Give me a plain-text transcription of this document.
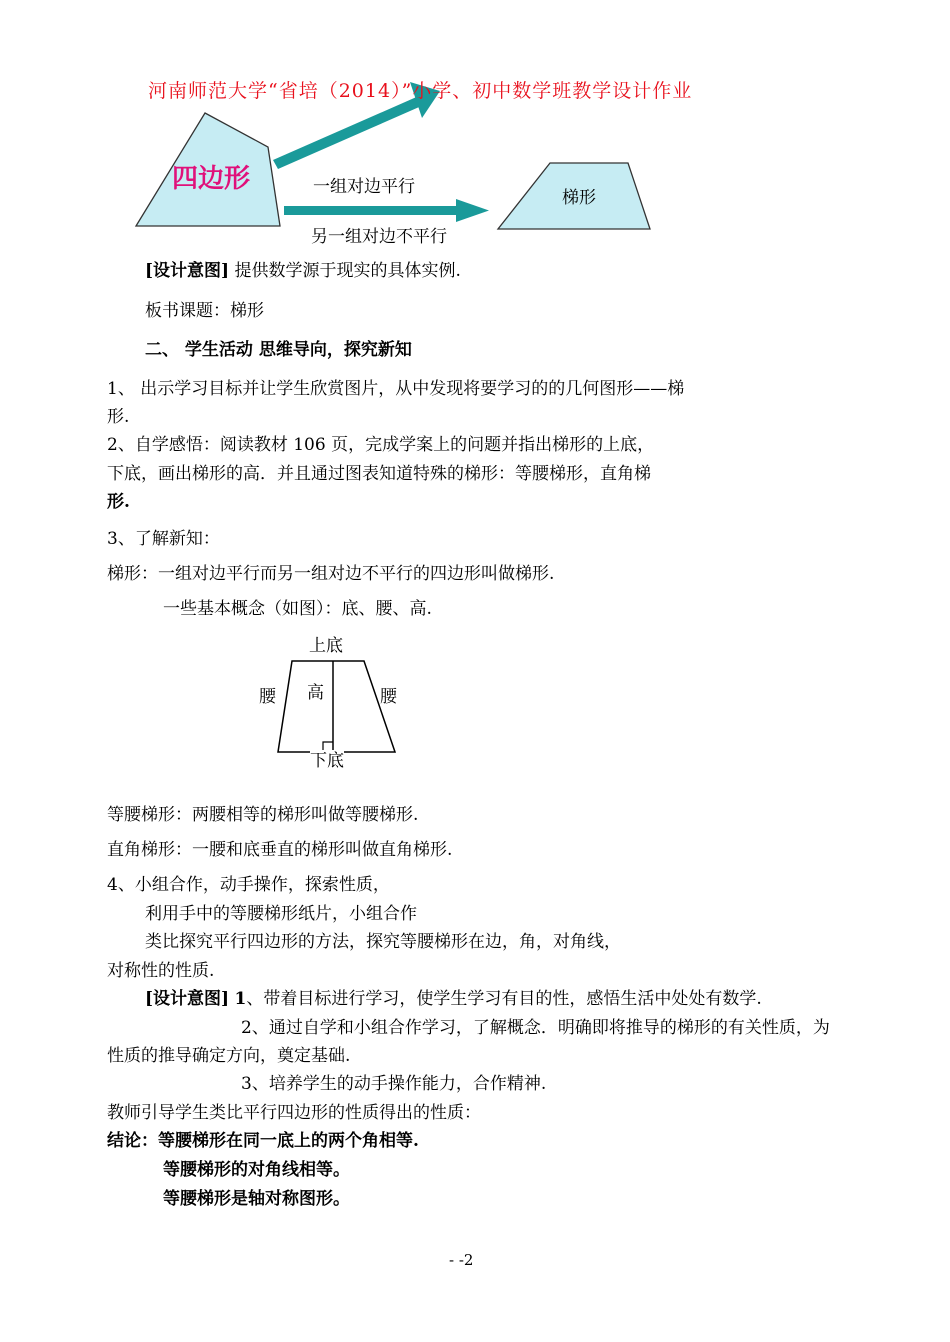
河南师范大学“省培（2014）”小学、初中数学班教学设计作业
四边形	一组对边平行
另一组对边不平行
梯形
[设计意图] 提供数学源于现实的具体实例.
板书课题：梯形
二、 学生活动 思维导向，探究新知
1、 出示学习目标并让学生欣赏图片，从中发现将要学习的的几何图形——梯
形.
2、自学感悟：阅读教材 106 页，完成学案上的问题并指出梯形的上底，
下底，画出梯形的高．并且通过图表知道特殊的梯形：等腰梯形，直角梯
形.
3、了解新知：
梯形：一组对边平行而另一组对边不平行的四边形叫做梯形.
一些基本概念（如图）：底、腰、高.
上底
高
腰	腰
下底
等腰梯形：两腰相等的梯形叫做等腰梯形.
直角梯形：一腰和底垂直的梯形叫做直角梯形.
4、小组合作，动手操作，探索性质，
利用手中的等腰梯形纸片，小组合作
类比探究平行四边形的方法，探究等腰梯形在边，角，对角线，
对称性的性质.
[设计意图] 1、带着目标进行学习，使学生学习有目的性，感悟生活中处处有数学.
2、通过自学和小组合作学习，了解概念．明确即将推导的梯形的有关性质，为
性质的推导确定方向，奠定基础.
3、培养学生的动手操作能力，合作精神.
教师引导学生类比平行四边形的性质得出的性质：
结论：等腰梯形在同一底上的两个角相等.
等腰梯形的对角线相等。
等腰梯形是轴对称图形。
- -2
